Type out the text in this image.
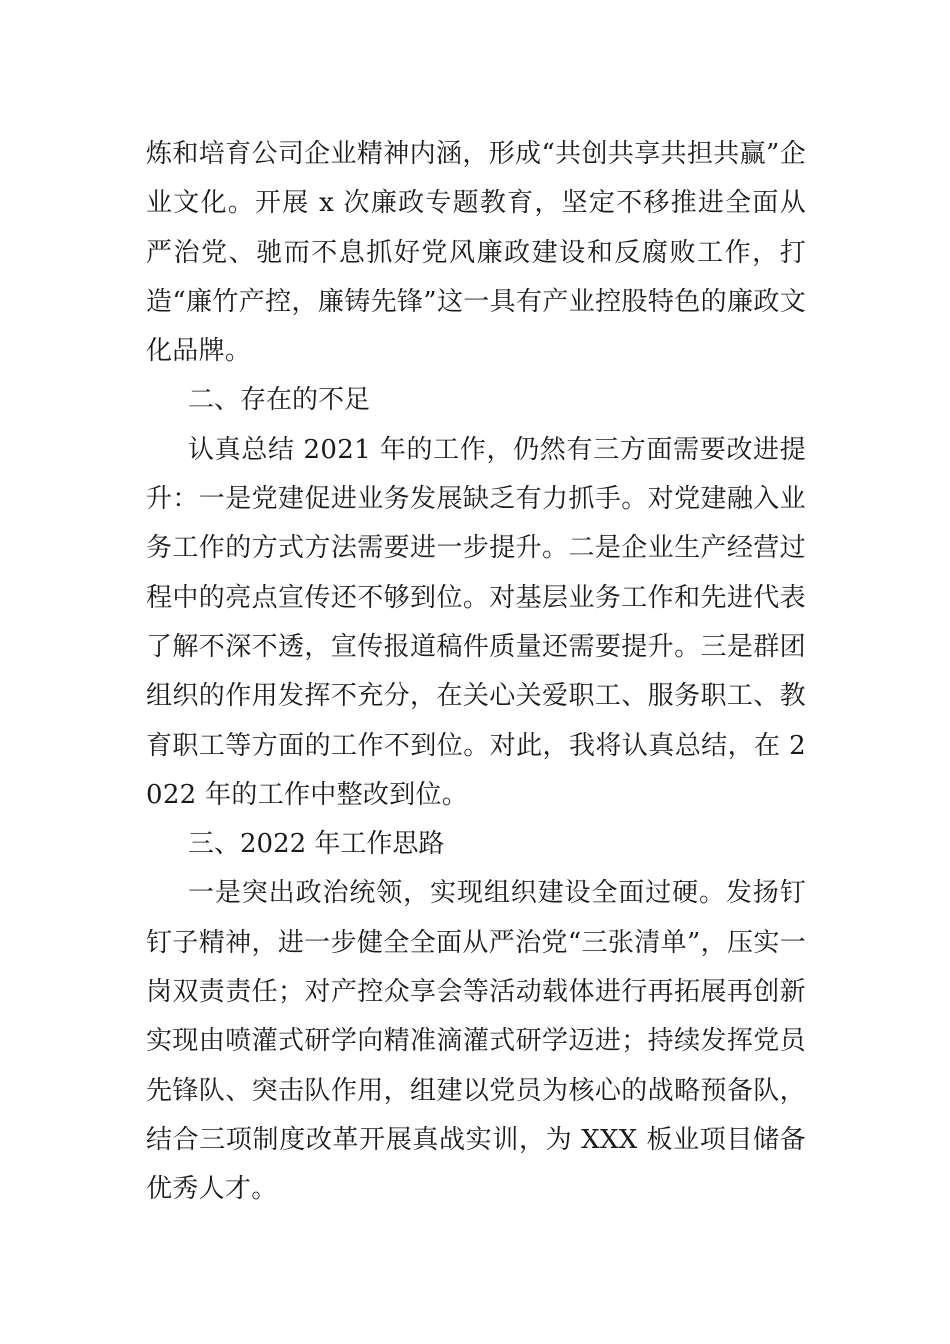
炼和培育公司企业精神内涵，形成“共创共享共担共赢”企业文化。开展 x 次廉政专题教育，坚定不移推进全面从严治党、驰而不息抓好党风廉政建设和反腐败工作，打造“廉竹产控，廉铸先锋”这一具有产业控股特色的廉政文化品牌。

二、存在的不足

认真总结 2021 年的工作，仍然有三方面需要改进提升：一是党建促进业务发展缺乏有力抓手。对党建融入业务工作的方式方法需要进一步提升。二是企业生产经营过程中的亮点宣传还不够到位。对基层业务工作和先进代表了解不深不透，宣传报道稿件质量还需要提升。三是群团组织的作用发挥不充分，在关心关爱职工、服务职工、教育职工等方面的工作不到位。对此，我将认真总结，在 2022 年的工作中整改到位。

三、2022 年工作思路

一是突出政治统领，实现组织建设全面过硬。发扬钉钉子精神，进一步健全全面从严治党“三张清单”，压实一岗双责责任；对产控众享会等活动载体进行再拓展再创新实现由喷灌式研学向精准滴灌式研学迈进；持续发挥党员先锋队、突击队作用，组建以党员为核心的战略预备队，结合三项制度改革开展真战实训，为 XXX 板业项目储备优秀人才。
